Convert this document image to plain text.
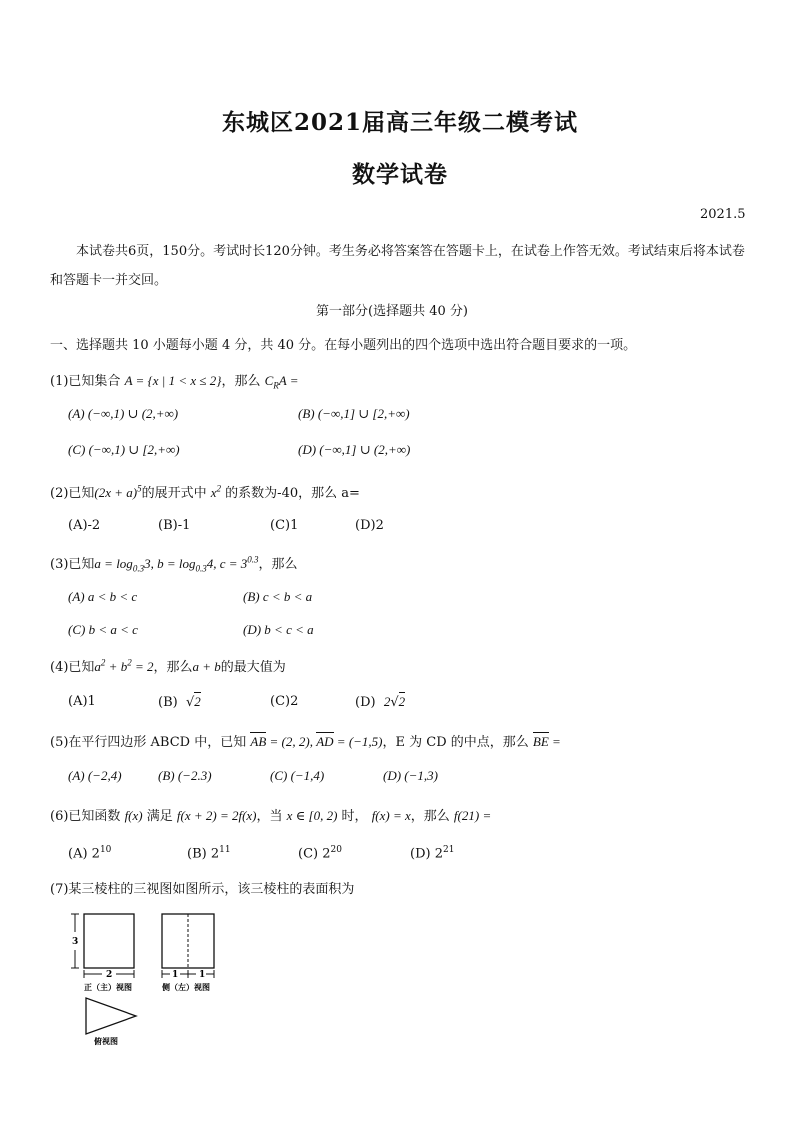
东城区2021届高三年级二模考试
数学试卷
2021.5
本试卷共6页，150分。考试时长120分钟。考生务必将答案答在答题卡上，在试卷上作答无效。考试结束后将本试卷和答题卡一并交回。
第一部分(选择题共 40 分)
一、选择题共 10 小题每小题 4 分，共 40 分。在每小题列出的四个选项中选出符合题目要求的一项。
(1)已知集合 A = {x | 1 < x ≤ 2}，那么 $C_RA$ =
(A) (−∞,1) ∪ (2,+∞)	(B) (−∞,1] ∪ [2,+∞)
(C) (−∞,1) ∪ [2,+∞)	(D) (−∞,1] ∪ (2,+∞)
(2)已知$(2x + a)^5$的展开式中 $x^2$ 的系数为-40，那么 a=
(A)-2	(B)-1	(C)1	(D)2
(3)已知$a = \log_{0.3}3$, $b = \log_{0.3}4$, $c = 3^{0.3}$，那么
(A) a < b < c	(B) c < b < a
(C) b < a < c	(D) b < c < a
(4)已知$a^2 + b^2 = 2$，那么a + b的最大值为
(A)1	(B) √2	(C)2	(D) 2√2
(5)在平行四边形 ABCD 中，已知 AB = (2, 2), AD = (−1,5)，E 为 CD 的中点，那么 BE =
(A) (−2,4)	(B) (−2.3)	(C) (−1,4)	(D) (−1,3)
(6)已知函数 f(x) 满足 f(x + 2) = 2f(x)，当 x ∈ [0, 2) 时， f(x) = x，那么 f(21) =
(A) $2^{10}$	(B) $2^{11}$	(C) $2^{20}$	(D) $2^{21}$
(7)某三棱柱的三视图如图所示，该三棱柱的表面积为
3
2
正（主）视图
1 1
侧（左）视图
俯视图
